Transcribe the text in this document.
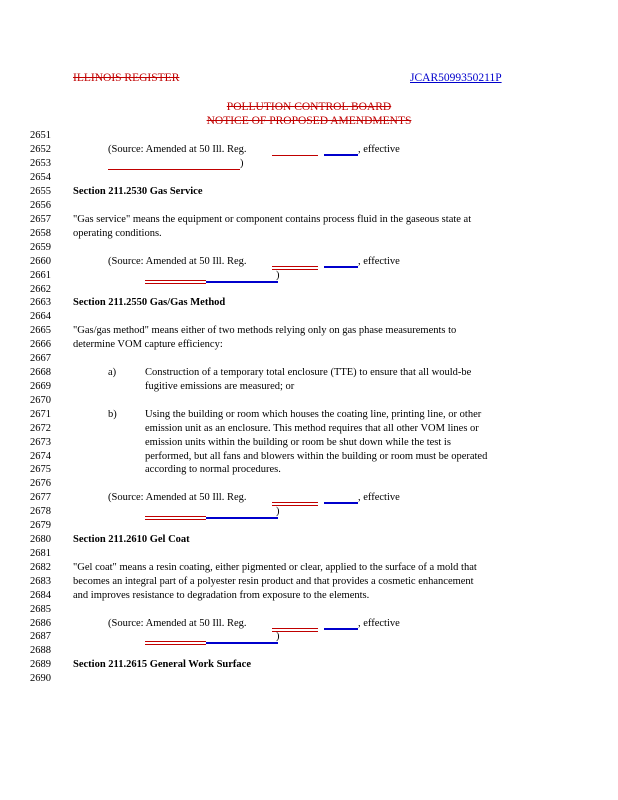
ILLINOIS REGISTER	JCAR5099350211P
POLLUTION CONTROL BOARD
NOTICE OF PROPOSED AMENDMENTS
2651
2652
2653
2654
2655
2656
2657
2658
2659
2660
2661
2662
2663
2664
2665
2666
2667
2668
2669
2670
2671
2672
2673
2674
2675
2676
2677
2678
2679
2680
2681
2682
2683
2684
2685
2686
2687
2688
2689
2690
(Source: Amended at 50 Ill. Reg.	, effective
)
Section 211.2530 Gas Service
"Gas service" means the equipment or component contains process fluid in the gaseous state at
operating conditions.
(Source: Amended at 50 Ill. Reg.	, effective
)
Section 211.2550 Gas/Gas Method
"Gas/gas method" means either of two methods relying only on gas phase measurements to
determine VOM capture efficiency:
a)	Construction of a temporary total enclosure (TTE) to ensure that all would-be
fugitive emissions are measured; or
b)	Using the building or room which houses the coating line, printing line, or other
emission unit as an enclosure. This method requires that all other VOM lines or
emission units within the building or room be shut down while the test is
performed, but all fans and blowers within the building or room must be operated
according to normal procedures.
(Source: Amended at 50 Ill. Reg.	, effective
)
Section 211.2610 Gel Coat
"Gel coat" means a resin coating, either pigmented or clear, applied to the surface of a mold that
becomes an integral part of a polyester resin product and that provides a cosmetic enhancement
and improves resistance to degradation from exposure to the elements.
(Source: Amended at 50 Ill. Reg.	, effective
)
Section 211.2615 General Work Surface
